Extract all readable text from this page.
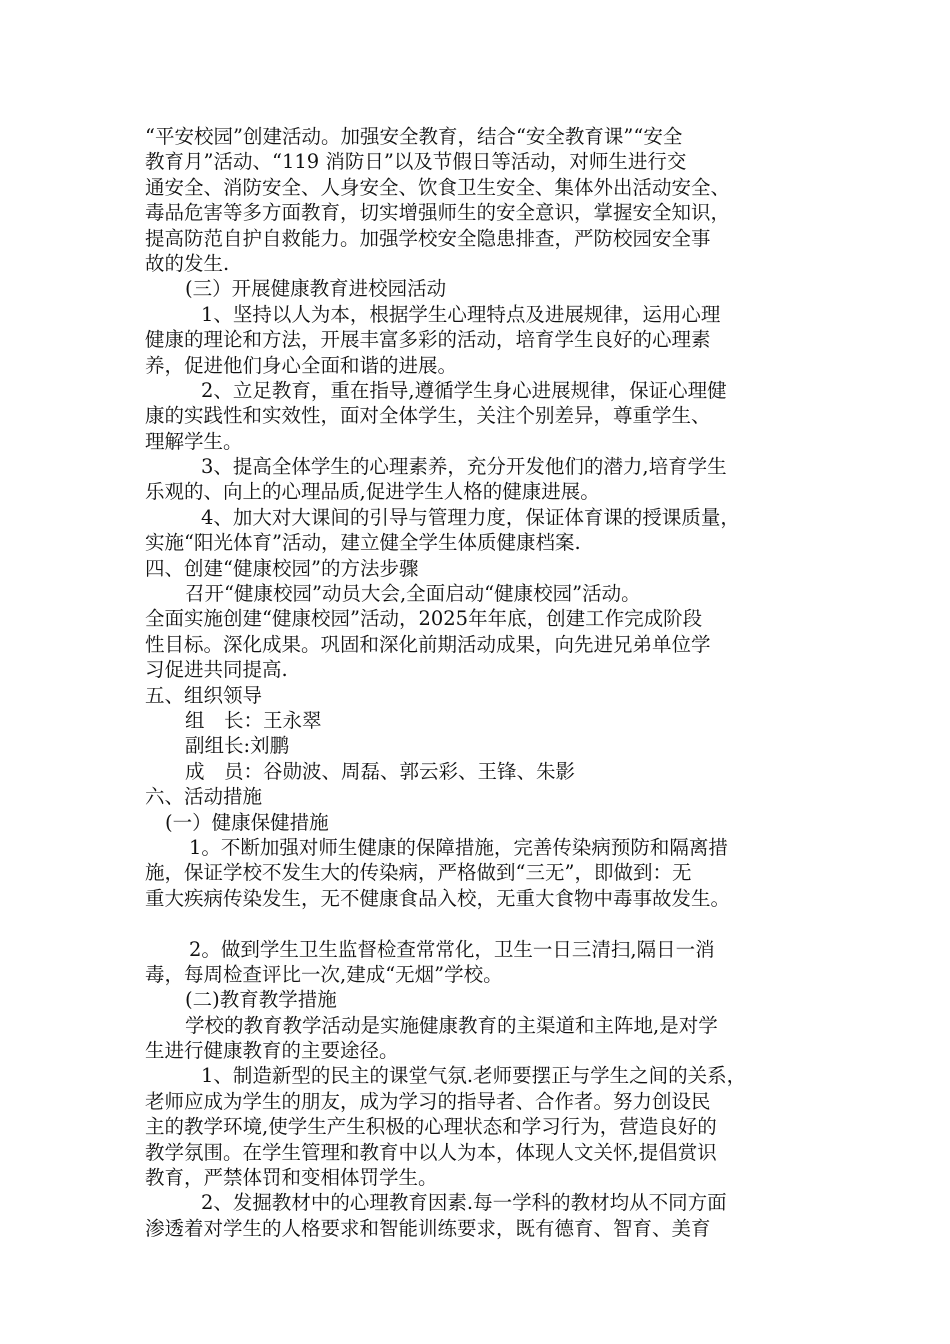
“平安校园”创建活动。加强安全教育，结合“安全教育课”“安全
教育月”活动、“119 消防日”以及节假日等活动，对师生进行交
通安全、消防安全、人身安全、饮食卫生安全、集体外出活动安全、
毒品危害等多方面教育，切实增强师生的安全意识，掌握安全知识，
提高防范自护自救能力。加强学校安全隐患排查，严防校园安全事
故的发生.
(三）开展健康教育进校园活动
1、坚持以人为本，根据学生心理特点及进展规律，运用心理
健康的理论和方法，开展丰富多彩的活动，培育学生良好的心理素
养，促进他们身心全面和谐的进展。
2、立足教育，重在指导,遵循学生身心进展规律，保证心理健
康的实践性和实效性，面对全体学生，关注个别差异，尊重学生、
理解学生。
3、提高全体学生的心理素养，充分开发他们的潜力,培育学生
乐观的、向上的心理品质,促进学生人格的健康进展。
4、加大对大课间的引导与管理力度，保证体育课的授课质量，
实施“阳光体育”活动，建立健全学生体质健康档案.
四、创建“健康校园”的方法步骤
召开“健康校园”动员大会,全面启动“健康校园”活动。
全面实施创建“健康校园”活动，2025年年底，创建工作完成阶段
性目标。深化成果。巩固和深化前期活动成果，向先进兄弟单位学
习促进共同提高.
五、组织领导
组　长：王永翠
副组长:刘鹏
成　员：谷勋波、周磊、郭云彩、王锋、朱影
六、活动措施
(一）健康保健措施
1。不断加强对师生健康的保障措施，完善传染病预防和隔离措
施，保证学校不发生大的传染病，严格做到“三无”，即做到：无
重大疾病传染发生，无不健康食品入校，无重大食物中毒事故发生。
2。做到学生卫生监督检查常常化，卫生一日三清扫,隔日一消
毒，每周检查评比一次,建成“无烟”学校。
(二)教育教学措施
学校的教育教学活动是实施健康教育的主渠道和主阵地,是对学
生进行健康教育的主要途径。
1、制造新型的民主的课堂气氛.老师要摆正与学生之间的关系，
老师应成为学生的朋友，成为学习的指导者、合作者。努力创设民
主的教学环境,使学生产生积极的心理状态和学习行为，营造良好的
教学氛围。在学生管理和教育中以人为本，体现人文关怀,提倡赏识
教育，严禁体罚和变相体罚学生。
2、发掘教材中的心理教育因素.每一学科的教材均从不同方面
渗透着对学生的人格要求和智能训练要求，既有德育、智育、美育
